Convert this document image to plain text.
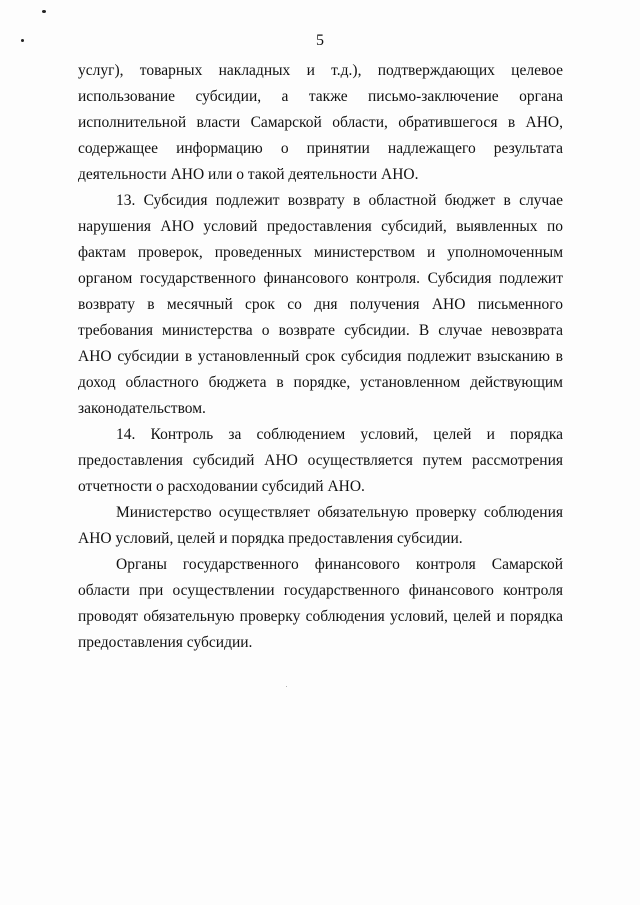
5

услуг), товарных накладных и т.д.), подтверждающих целевое использование субсидии, а также письмо-заключение органа исполнительной власти Самарской области, обратившегося в АНО, содержащее информацию о принятии надлежащего результата деятельности АНО или о такой деятельности АНО.

13. Субсидия подлежит возврату в областной бюджет в случае нарушения АНО условий предоставления субсидий, выявленных по фактам проверок, проведенных министерством и уполномоченным органом государственного финансового контроля. Субсидия подлежит возврату в месячный срок со дня получения АНО письменного требования министерства о возврате субсидии. В случае невозврата АНО субсидии в установленный срок субсидия подлежит взысканию в доход областного бюджета в порядке, установленном действующим законодательством.

14. Контроль за соблюдением условий, целей и порядка предоставления субсидий АНО осуществляется путем рассмотрения отчетности о расходовании субсидий АНО.

Министерство осуществляет обязательную проверку соблюдения АНО условий, целей и порядка предоставления субсидии.

Органы государственного финансового контроля Самарской области при осуществлении государственного финансового контроля проводят обязательную проверку соблюдения условий, целей и порядка предоставления субсидии.
